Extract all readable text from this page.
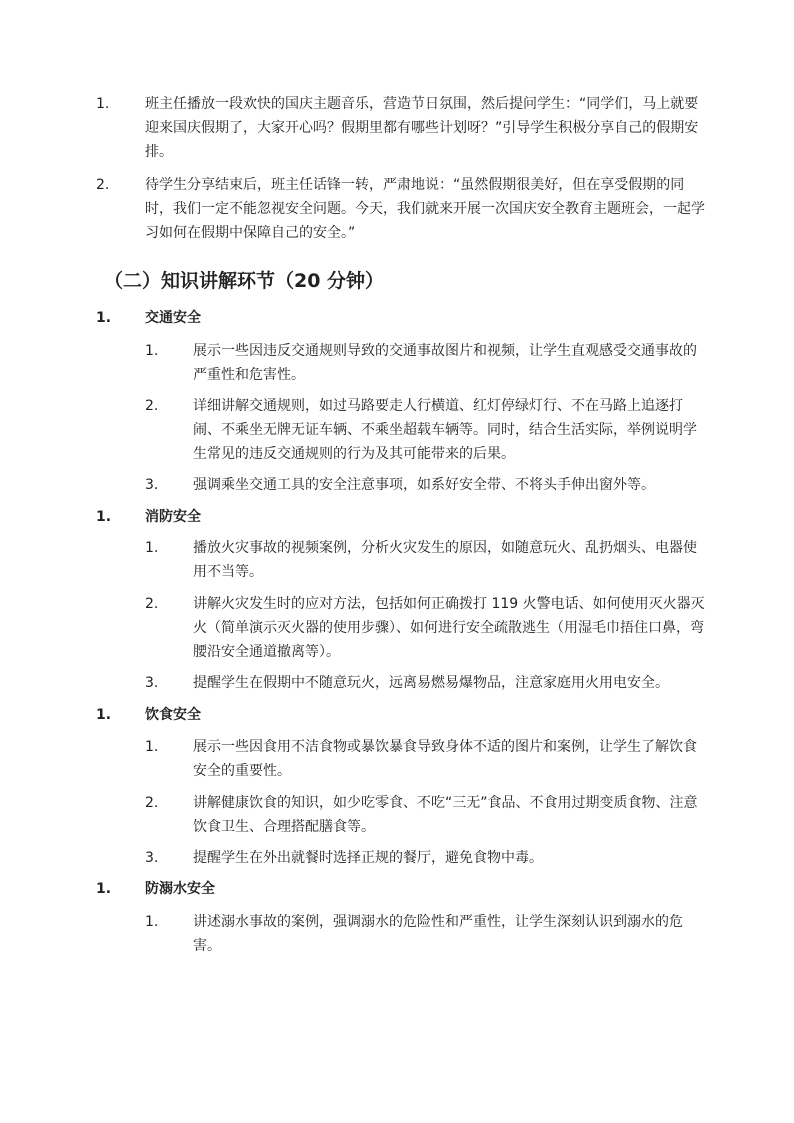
1.	班主任播放一段欢快的国庆主题音乐，营造节日氛围，然后提问学生：“同学们，马上就要迎来国庆假期了，大家开心吗？假期里都有哪些计划呀？”引导学生积极分享自己的假期安排。
2.	待学生分享结束后，班主任话锋一转，严肃地说：“虽然假期很美好，但在享受假期的同时，我们一定不能忽视安全问题。今天，我们就来开展一次国庆安全教育主题班会，一起学习如何在假期中保障自己的安全。”
（二）知识讲解环节（20 分钟）
1.	交通安全
1.	展示一些因违反交通规则导致的交通事故图片和视频，让学生直观感受交通事故的严重性和危害性。
2.	详细讲解交通规则，如过马路要走人行横道、红灯停绿灯行、不在马路上追逐打闹、不乘坐无牌无证车辆、不乘坐超载车辆等。同时，结合生活实际，举例说明学生常见的违反交通规则的行为及其可能带来的后果。
3.	强调乘坐交通工具的安全注意事项，如系好安全带、不将头手伸出窗外等。
1.	消防安全
1.	播放火灾事故的视频案例，分析火灾发生的原因，如随意玩火、乱扔烟头、电器使用不当等。
2.	讲解火灾发生时的应对方法，包括如何正确拨打 119 火警电话、如何使用灭火器灭火（简单演示灭火器的使用步骤）、如何进行安全疏散逃生（用湿毛巾捂住口鼻，弯腰沿安全通道撤离等）。
3.	提醒学生在假期中不随意玩火，远离易燃易爆物品，注意家庭用火用电安全。
1.	饮食安全
1.	展示一些因食用不洁食物或暴饮暴食导致身体不适的图片和案例，让学生了解饮食安全的重要性。
2.	讲解健康饮食的知识，如少吃零食、不吃“三无”食品、不食用过期变质食物、注意饮食卫生、合理搭配膳食等。
3.	提醒学生在外出就餐时选择正规的餐厅，避免食物中毒。
1.	防溺水安全
1.	讲述溺水事故的案例，强调溺水的危险性和严重性，让学生深刻认识到溺水的危害。
